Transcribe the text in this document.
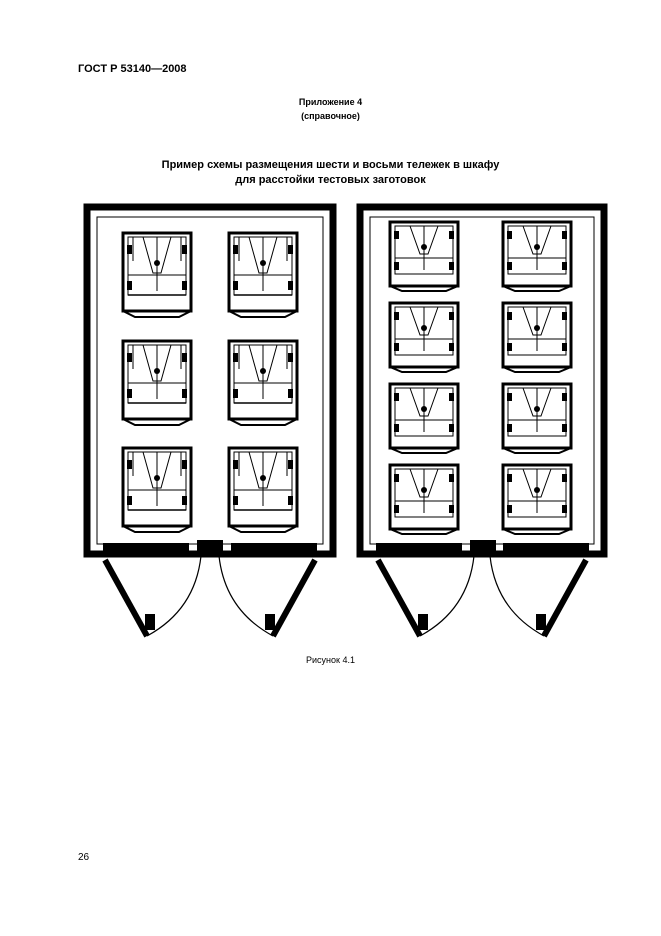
ГОСТ Р 53140—2008
Приложение 4
(справочное)
Пример схемы размещения шести и восьми тележек в шкафу
для расстойки тестовых заготовок
Рисунок 4.1
26
